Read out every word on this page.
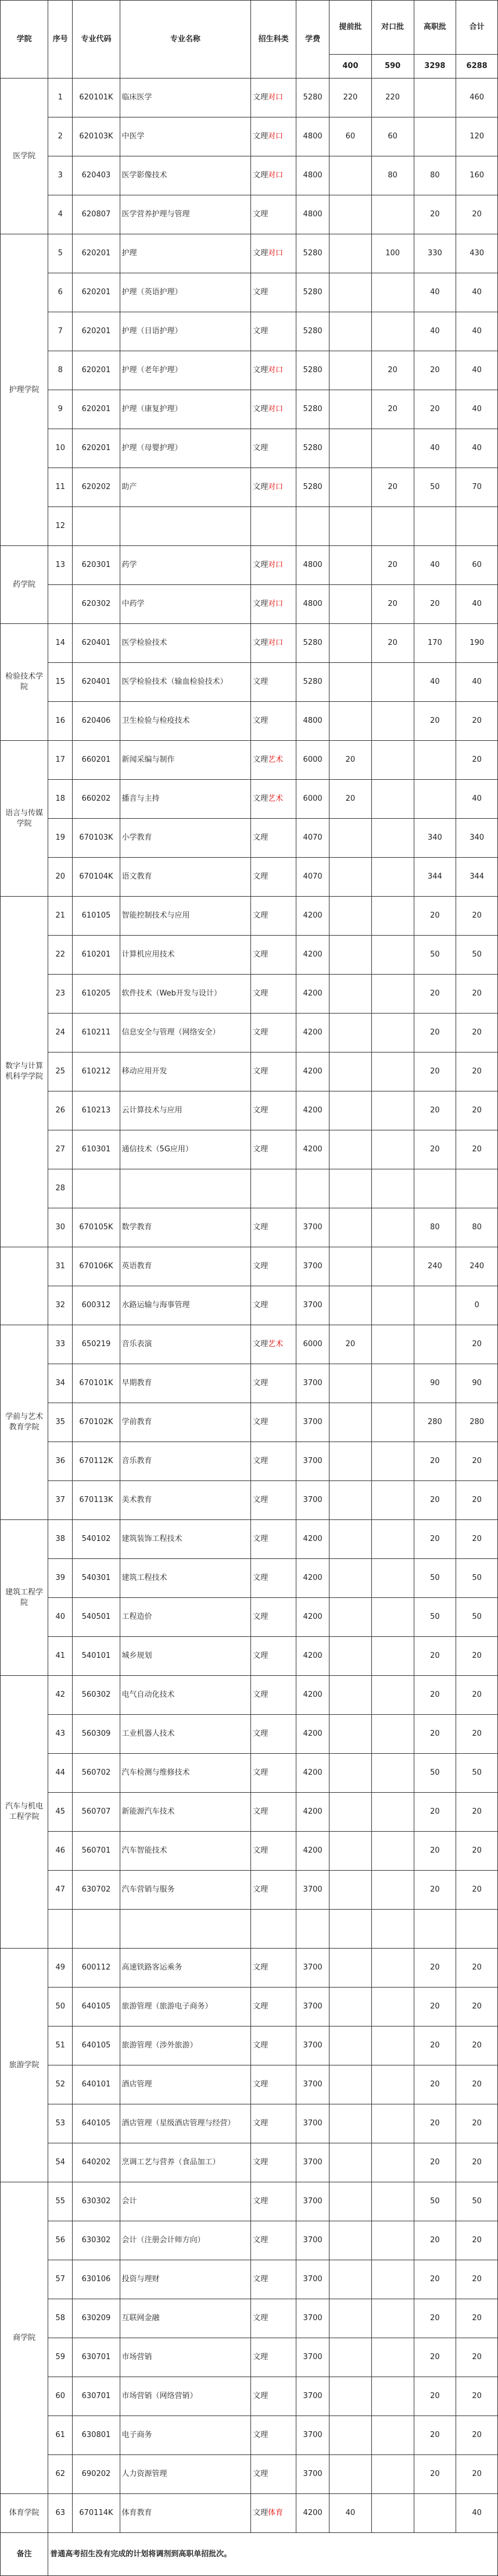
学院	序号	专业代码	专业名称	招生科类	学费	提前批	对口批	高职批	合计
						400	590	3298	6288
医学院	1	620101K	临床医学	文理对口	5280	220	220		460
	2	620103K	中医学	文理对口	4800	60	60		120
	3	620403	医学影像技术	文理对口	4800		80	80	160
	4	620807	医学营养护理与管理	文理	4800			20	20
护理学院	5	620201	护理	文理对口	5280		100	330	430
	6	620201	护理（英语护理）	文理	5280			40	40
	7	620201	护理（日语护理）	文理	5280			40	40
	8	620201	护理（老年护理）	文理对口	5280		20	20	40
	9	620201	护理（康复护理）	文理对口	5280		20	20	40
	10	620201	护理（母婴护理）	文理	5280			40	40
	11	620202	助产	文理对口	5280		20	50	70
	12								
药学院	13	620301	药学	文理对口	4800		20	40	60
		620302	中药学	文理对口	4800		20	20	40
检验技术学院	14	620401	医学检验技术	文理对口	5280		20	170	190
	15	620401	医学检验技术（输血检验技术）	文理	5280			40	40
	16	620406	卫生检验与检疫技术	文理	4800			20	20
语言与传媒学院	17	660201	新闻采编与制作	文理艺术	6000	20			20
	18	660202	播音与主持	文理艺术	6000	20			40
	19	670103K	小学教育	文理	4070			340	340
	20	670104K	语文教育	文理	4070			344	344
数字与计算机科学学院	21	610105	智能控制技术与应用	文理	4200			20	20
	22	610201	计算机应用技术	文理	4200			50	50
	23	610205	软件技术（Web开发与设计）	文理	4200			20	20
	24	610211	信息安全与管理（网络安全）	文理	4200			20	20
	25	610212	移动应用开发	文理	4200			20	20
	26	610213	云计算技术与应用	文理	4200			20	20
	27	610301	通信技术（5G应用）	文理	4200			20	20
	28								
	30	670105K	数学教育	文理	3700			80	80
	31	670106K	英语教育	文理	3700			240	240
	32	600312	水路运输与海事管理	文理	3700				0
学前与艺术教育学院	33	650219	音乐表演	文理艺术	6000	20			20
	34	670101K	早期教育	文理	3700			90	90
	35	670102K	学前教育	文理	3700			280	280
	36	670112K	音乐教育	文理	3700			20	20
	37	670113K	美术教育	文理	3700			20	20
建筑工程学院	38	540102	建筑装饰工程技术	文理	4200			20	20
	39	540301	建筑工程技术	文理	4200			50	50
	40	540501	工程造价	文理	4200			50	50
	41	540101	城乡规划	文理	4200			20	20
汽车与机电工程学院	42	560302	电气自动化技术	文理	4200			20	20
	43	560309	工业机器人技术	文理	4200			20	20
	44	560702	汽车检测与维修技术	文理	4200			50	50
	45	560707	新能源汽车技术	文理	4200			20	20
	46	560701	汽车智能技术	文理	4200			20	20
	47	630702	汽车营销与服务	文理	3700			20	20

旅游学院	49	600112	高速铁路客运乘务	文理	3700			20	20
	50	640105	旅游管理（旅游电子商务）	文理	3700			20	20
	51	640105	旅游管理（涉外旅游）	文理	3700			20	20
	52	640101	酒店管理	文理	3700			20	20
	53	640105	酒店管理（星级酒店管理与经营）	文理	3700			20	20
	54	640202	烹调工艺与营养（食品加工）	文理	3700			20	20
商学院	55	630302	会计	文理	3700			50	50
	56	630302	会计（注册会计师方向）	文理	3700			20	20
	57	630106	投资与理财	文理	3700			20	20
	58	630209	互联网金融	文理	3700			20	20
	59	630701	市场营销	文理	3700			20	20
	60	630701	市场营销（网络营销）	文理	3700			20	20
	61	630801	电子商务	文理	3700			20	20
	62	690202	人力资源管理	文理	3700			20	20
体育学院	63	670114K	体育教育	文理体育	4200	40			40
备注	普通高考招生没有完成的计划将调剂到高职单招批次。								
